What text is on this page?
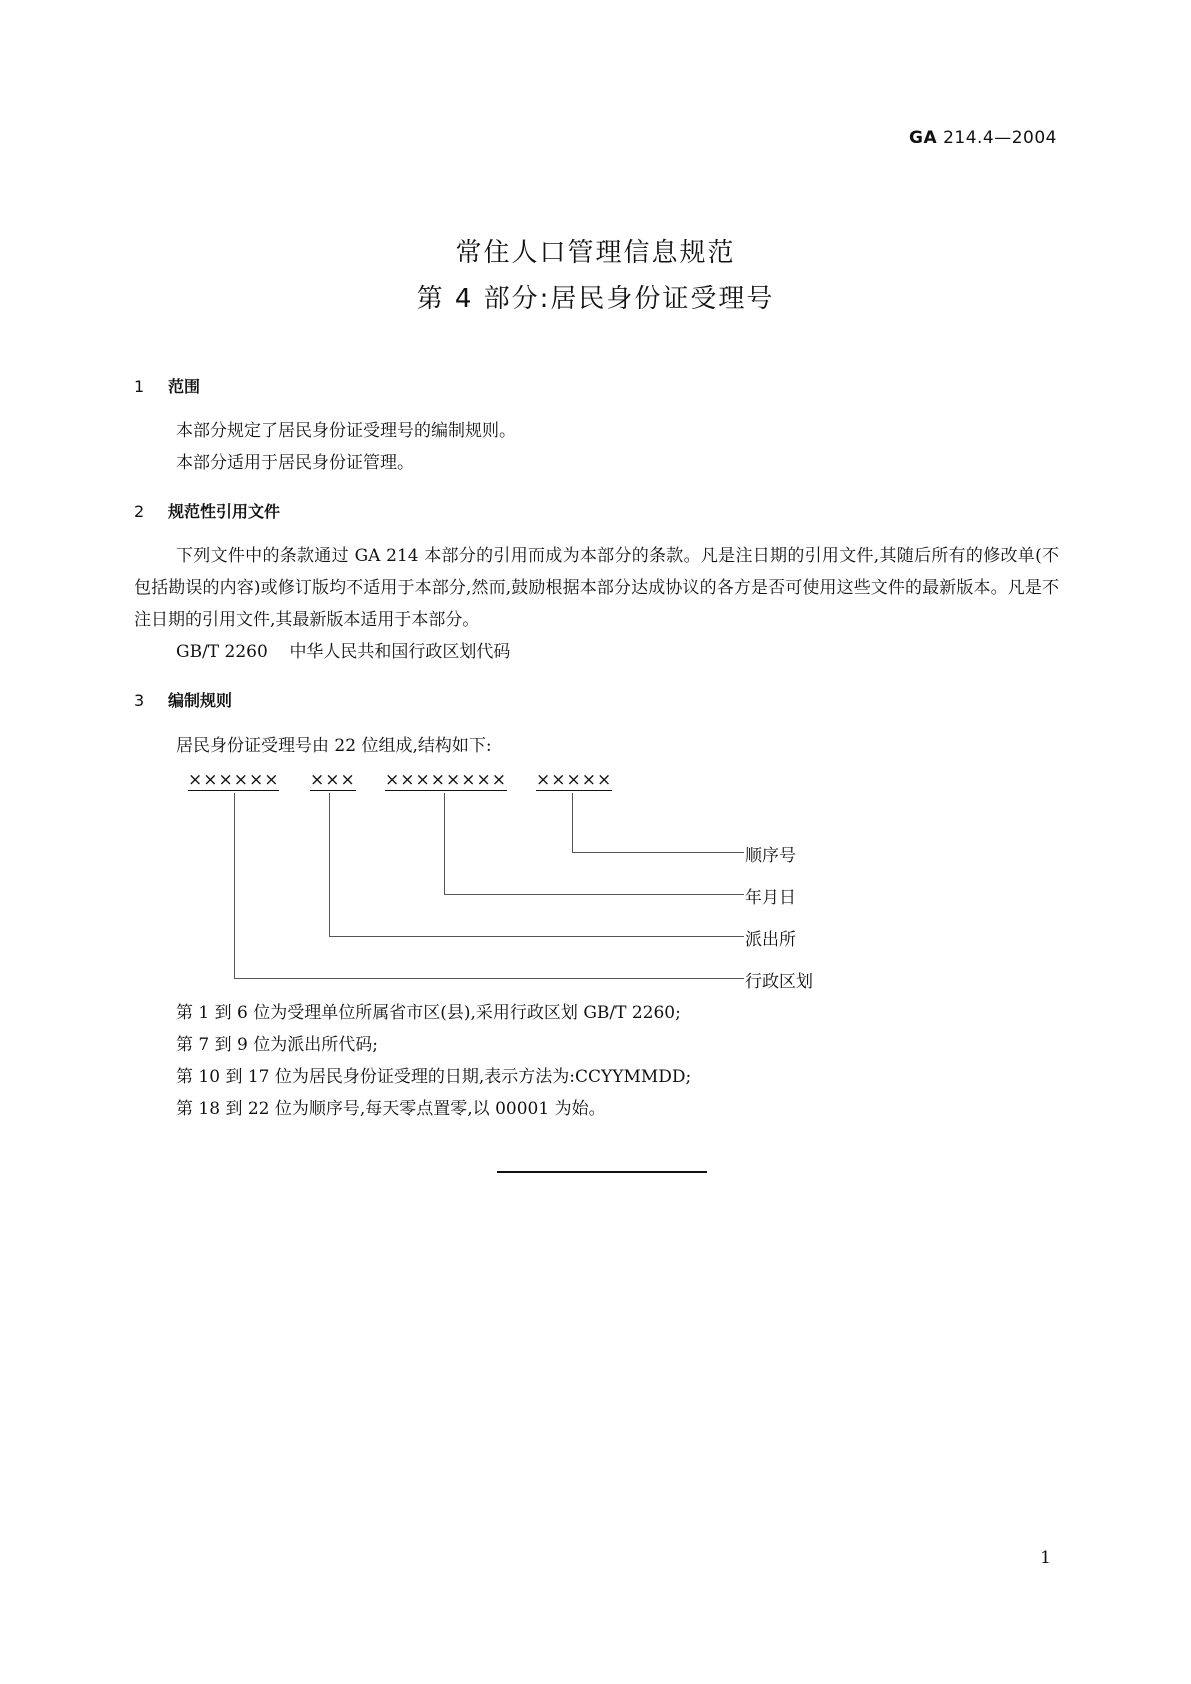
GA 214.4—2004
常住人口管理信息规范
第 4 部分:居民身份证受理号
1 范围
本部分规定了居民身份证受理号的编制规则。
本部分适用于居民身份证管理。
2 规范性引用文件
下列文件中的条款通过 GA 214 本部分的引用而成为本部分的条款。凡是注日期的引用文件,其随后所有的修改单(不包括勘误的内容)或修订版均不适用于本部分,然而,鼓励根据本部分达成协议的各方是否可使用这些文件的最新版本。凡是不注日期的引用文件,其最新版本适用于本部分。
GB/T 2260 中华人民共和国行政区划代码
3 编制规则
居民身份证受理号由 22 位组成,结构如下:
×××××× ××× ×××××××× ×××××
顺序号
年月日
派出所
行政区划
第 1 到 6 位为受理单位所属省市区(县),采用行政区划 GB/T 2260;
第 7 到 9 位为派出所代码;
第 10 到 17 位为居民身份证受理的日期,表示方法为:CCYYMMDD;
第 18 到 22 位为顺序号,每天零点置零,以 00001 为始。
1
